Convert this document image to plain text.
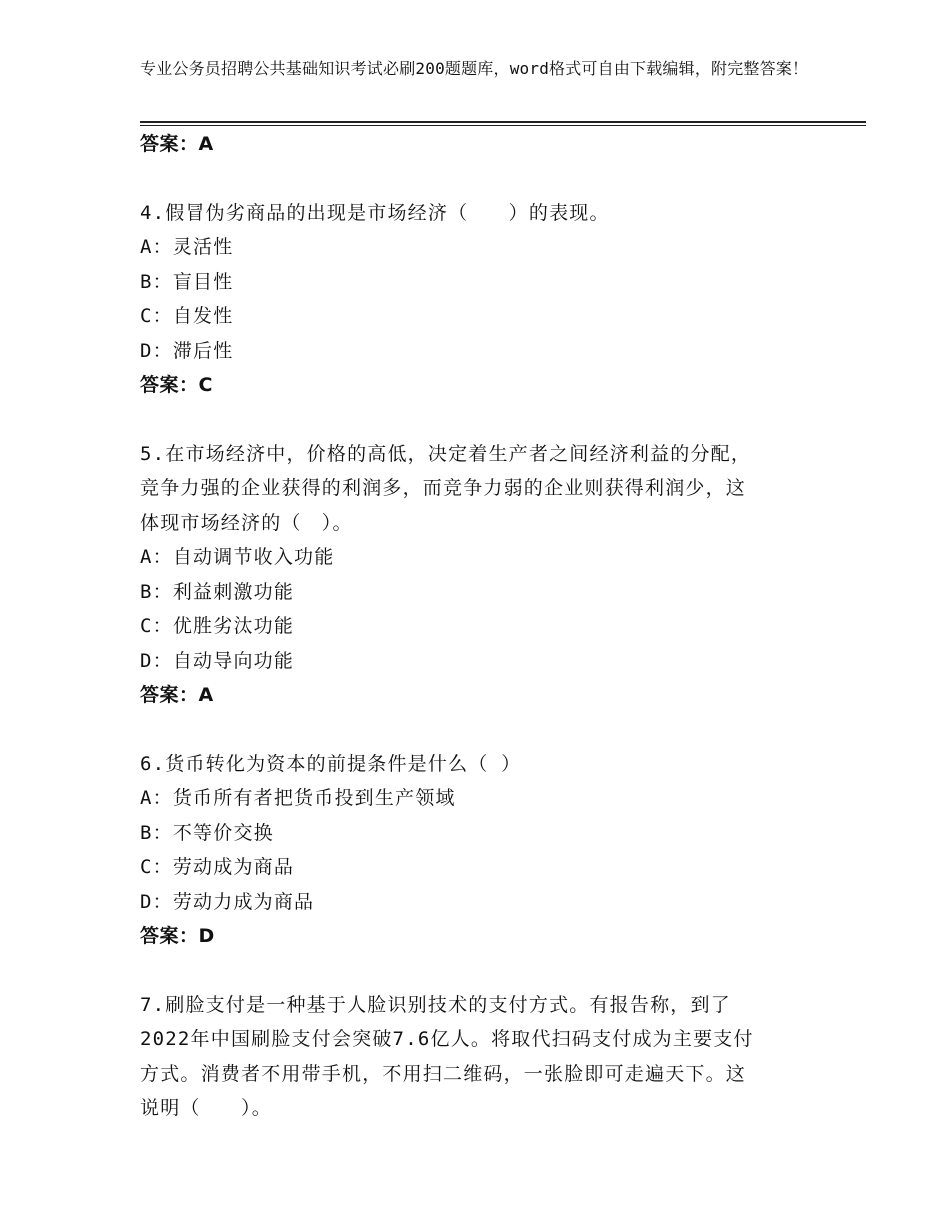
专业公务员招聘公共基础知识考试必刷200题题库，word格式可自由下载编辑，附完整答案！
答案：A
4.假冒伪劣商品的出现是市场经济（　　）的表现。
A：灵活性
B：盲目性
C：自发性
D：滞后性
答案：C
5.在市场经济中，价格的高低，决定着生产者之间经济利益的分配，
竞争力强的企业获得的利润多，而竞争力弱的企业则获得利润少，这
体现市场经济的（　）。
A：自动调节收入功能
B：利益刺激功能
C：优胜劣汰功能
D：自动导向功能
答案：A
6.货币转化为资本的前提条件是什么（ ）
A：货币所有者把货币投到生产领域
B：不等价交换
C：劳动成为商品
D：劳动力成为商品
答案：D
7.刷脸支付是一种基于人脸识别技术的支付方式。有报告称，到了
2022年中国刷脸支付会突破7.6亿人。将取代扫码支付成为主要支付
方式。消费者不用带手机，不用扫二维码，一张脸即可走遍天下。这
说明（　　）。
